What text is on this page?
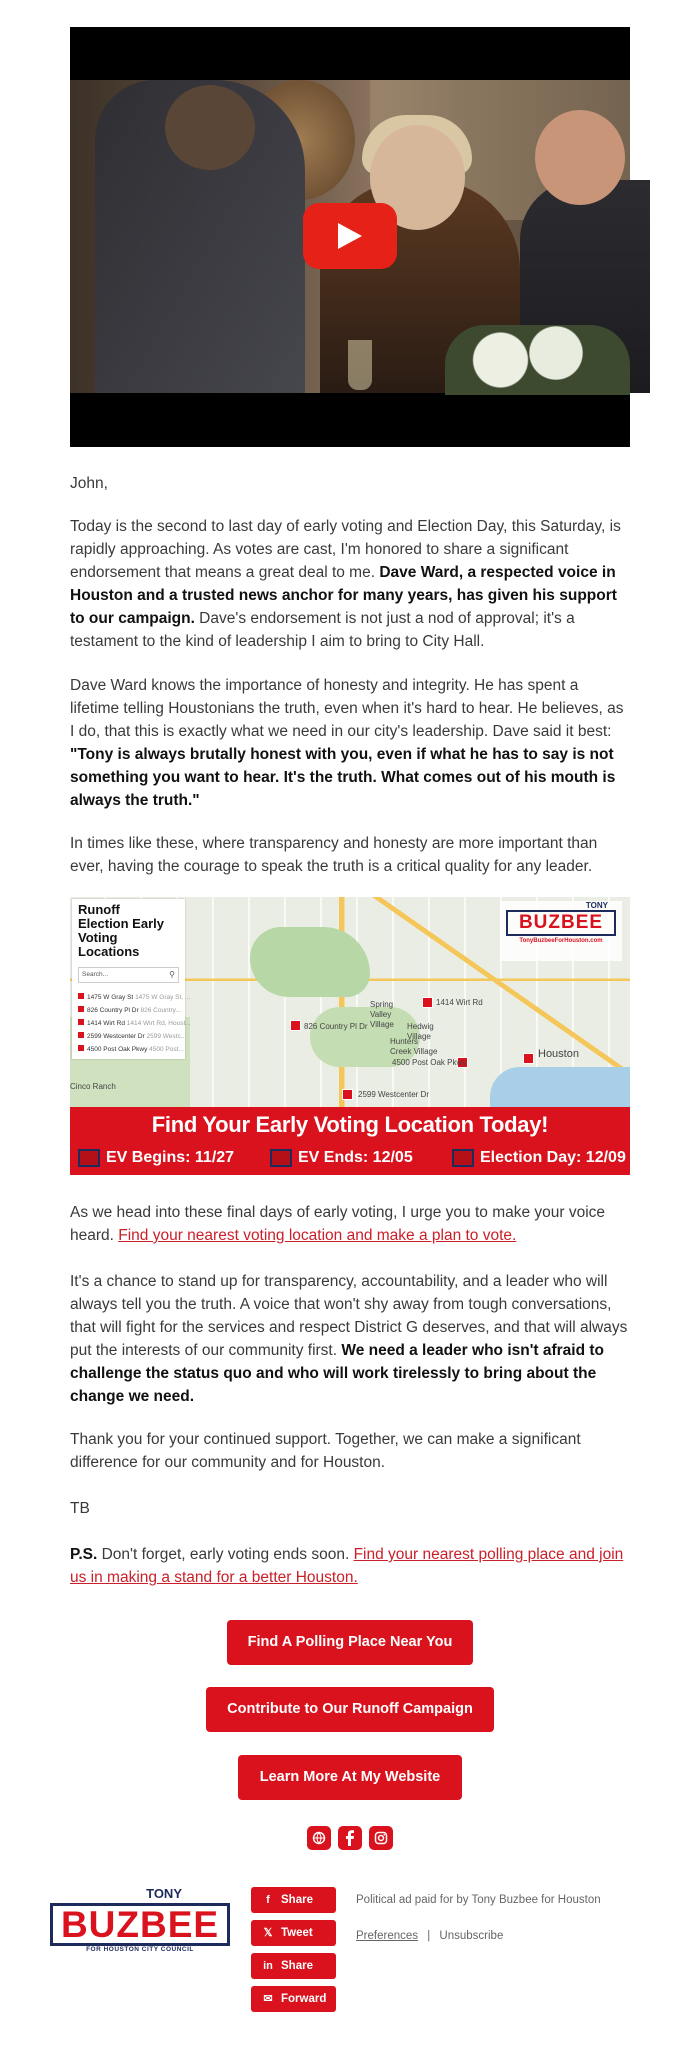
John,

Today is the second to last day of early voting and Election Day, this Saturday, is rapidly approaching. As votes are cast, I'm honored to share a significant endorsement that means a great deal to me. Dave Ward, a respected voice in Houston and a trusted news anchor for many years, has given his support to our campaign. Dave's endorsement is not just a nod of approval; it's a testament to the kind of leadership I aim to bring to City Hall.

Dave Ward knows the importance of honesty and integrity. He has spent a lifetime telling Houstonians the truth, even when it's hard to hear. He believes, as I do, that this is exactly what we need in our city's leadership. Dave said it best: "Tony is always brutally honest with you, even if what he has to say is not something you want to hear. It's the truth. What comes out of his mouth is always the truth."

In times like these, where transparency and honesty are more important than ever, having the courage to speak the truth is a critical quality for any leader.

As we head into these final days of early voting, I urge you to make your voice heard. Find your nearest voting location and make a plan to vote.

It's a chance to stand up for transparency, accountability, and a leader who will always tell you the truth. A voice that won't shy away from tough conversations, that will fight for the services and respect District G deserves, and that will always put the interests of our community first. We need a leader who isn't afraid to challenge the status quo and who will work tirelessly to bring about the change we need.

Thank you for your continued support. Together, we can make a significant difference for our community and for Houston.

TB

P.S. Don't forget, early voting ends soon. Find your nearest polling place and join us in making a stand for a better Houston.

1414 Wirt Rd
826 Country Pl Dr
4500 Post Oak Pkwy
Houston
2599 Westcenter Dr
Spring Valley Village	Hedwig Village
Hunters Creek Village
Cinco Ranch
Runoff
Election Early
Voting
Locations
Search...	⚲
1475 W Gray St 1475 W Gray St, ...
826 Country Pl Dr 826 Country...
1414 Wirt Rd 1414 Wirt Rd, Houst...
2599 Westcenter Dr 2599 Westc...
4500 Post Oak Pkwy 4500 Post...
TONY
BUZBEE
TonyBuzbeeForHouston.com
Find Your Early Voting Location Today!
EV Begins: 11/27	EV Ends: 12/05	Election Day: 12/09
Find A Polling Place Near You
Contribute to Our Runoff Campaign
Learn More At My Website
TONY
BUZBEE
FOR HOUSTON CITY COUNCIL
f Share
𝕏 Tweet
in Share
✉ Forward
Political ad paid for by Tony Buzbee for Houston
Preferences | Unsubscribe
